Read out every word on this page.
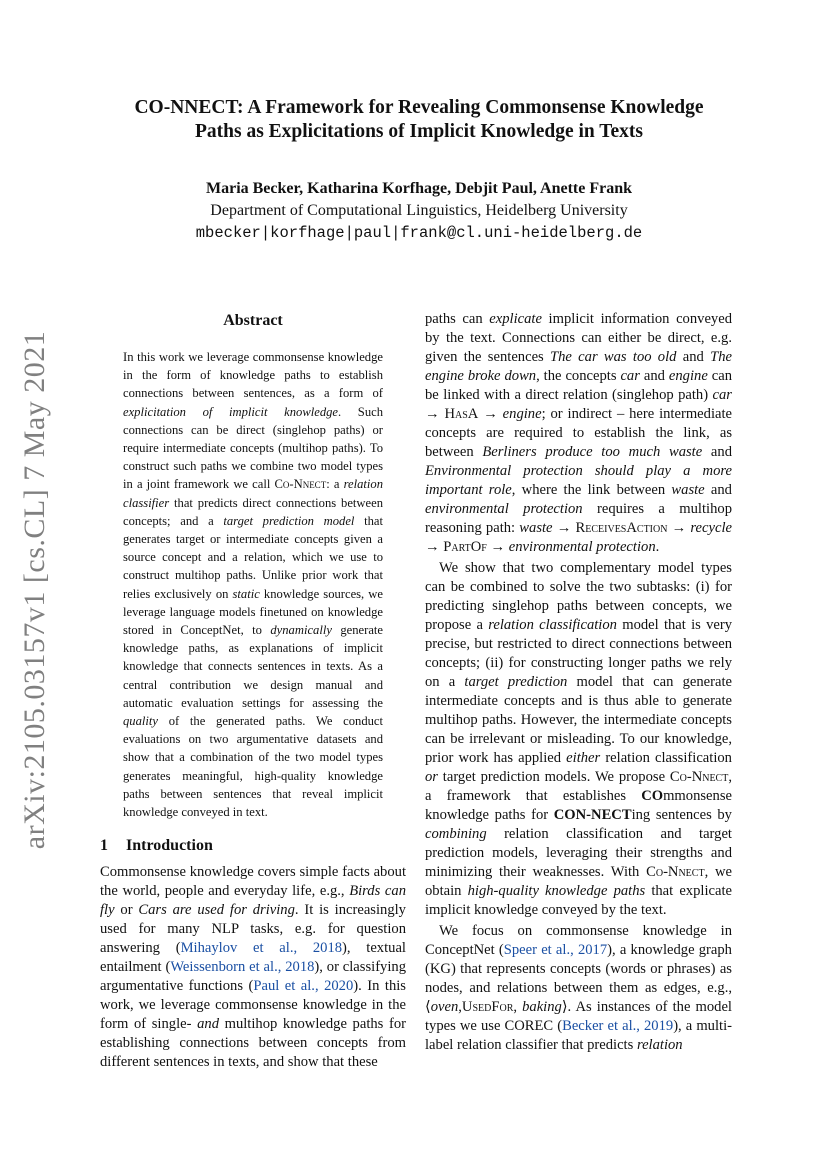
arXiv:2105.03157v1 [cs.CL] 7 May 2021
CO-NNECT: A Framework for Revealing Commonsense Knowledge
Paths as Explicitations of Implicit Knowledge in Texts
Maria Becker, Katharina Korfhage, Debjit Paul, Anette Frank
Department of Computational Linguistics, Heidelberg University
mbecker|korfhage|paul|frank@cl.uni-heidelberg.de
Abstract

In this work we leverage commonsense knowledge in the form of knowledge paths to establish connections between sentences, as a form of explicitation of implicit knowledge. Such connections can be direct (singlehop paths) or require intermediate concepts (multihop paths). To construct such paths we combine two model types in a joint framework we call Co-Nnect: a relation classifier that predicts direct connections between concepts; and a target prediction model that generates target or intermediate concepts given a source concept and a relation, which we use to construct multihop paths. Unlike prior work that relies exclusively on static knowledge sources, we leverage language models finetuned on knowledge stored in ConceptNet, to dynamically generate knowledge paths, as explanations of implicit knowledge that connects sentences in texts. As a central contribution we design manual and automatic evaluation settings for assessing the quality of the generated paths. We conduct evaluations on two argumentative datasets and show that a combination of the two model types generates meaningful, high-quality knowledge paths between sentences that reveal implicit knowledge conveyed in text.

1	Introduction

Commonsense knowledge covers simple facts about the world, people and everyday life, e.g., Birds can fly or Cars are used for driving. It is increasingly used for many NLP tasks, e.g. for question answering (Mihaylov et al., 2018), textual entailment (Weissenborn et al., 2018), or classifying argumentative functions (Paul et al., 2020). In this work, we leverage commonsense knowledge in the form of single- and multihop knowledge paths for establishing connections between concepts from different sentences in texts, and show that these

paths can explicate implicit information conveyed by the text. Connections can either be direct, e.g. given the sentences The car was too old and The engine broke down, the concepts car and engine can be linked with a direct relation (singlehop path) car → HasA → engine; or indirect – here intermediate concepts are required to establish the link, as between Berliners produce too much waste and Environmental protection should play a more important role, where the link between waste and environmental protection requires a multihop reasoning path: waste → ReceivesAction → recycle → PartOf → environmental protection.

We show that two complementary model types can be combined to solve the two subtasks: (i) for predicting singlehop paths between concepts, we propose a relation classification model that is very precise, but restricted to direct connections between concepts; (ii) for constructing longer paths we rely on a target prediction model that can generate intermediate concepts and is thus able to generate multihop paths. However, the intermediate concepts can be irrelevant or misleading. To our knowledge, prior work has applied either relation classification or target prediction models. We propose Co-Nnect, a framework that establishes COmmonsense knowledge paths for CON-NECTing sentences by combining relation classification and target prediction models, leveraging their strengths and minimizing their weaknesses. With Co-Nnect, we obtain high-quality knowledge paths that explicate implicit knowledge conveyed by the text.

We focus on commonsense knowledge in ConceptNet (Speer et al., 2017), a knowledge graph (KG) that represents concepts (words or phrases) as nodes, and relations between them as edges, e.g., ⟨oven,UsedFor, baking⟩. As instances of the model types we use COREC (Becker et al., 2019), a multi-label relation classifier that predicts relation
